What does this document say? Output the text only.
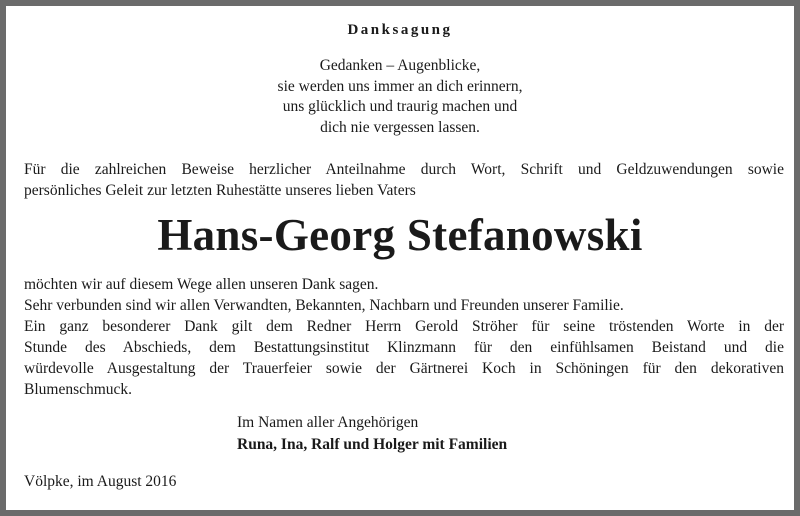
Danksagung
Gedanken – Augenblicke,
sie werden uns immer an dich erinnern,
uns glücklich und traurig machen und
dich nie vergessen lassen.
Für die zahlreichen Beweise herzlicher Anteilnahme durch Wort, Schrift und Geldzuwendungen sowie
persönliches Geleit zur letzten Ruhestätte unseres lieben Vaters
Hans-Georg Stefanowski
möchten wir auf diesem Wege allen unseren Dank sagen.
Sehr verbunden sind wir allen Verwandten, Bekannten, Nachbarn und Freunden unserer Familie.
Ein ganz besonderer Dank gilt dem Redner Herrn Gerold Ströher für seine tröstenden Worte in der
Stunde des Abschieds, dem Bestattungsinstitut Klinzmann für den einfühlsamen Beistand und die
würdevolle Ausgestaltung der Trauerfeier sowie der Gärtnerei Koch in Schöningen für den dekorativen
Blumenschmuck.
Im Namen aller Angehörigen
Runa, Ina, Ralf und Holger mit Familien
Völpke, im August 2016
